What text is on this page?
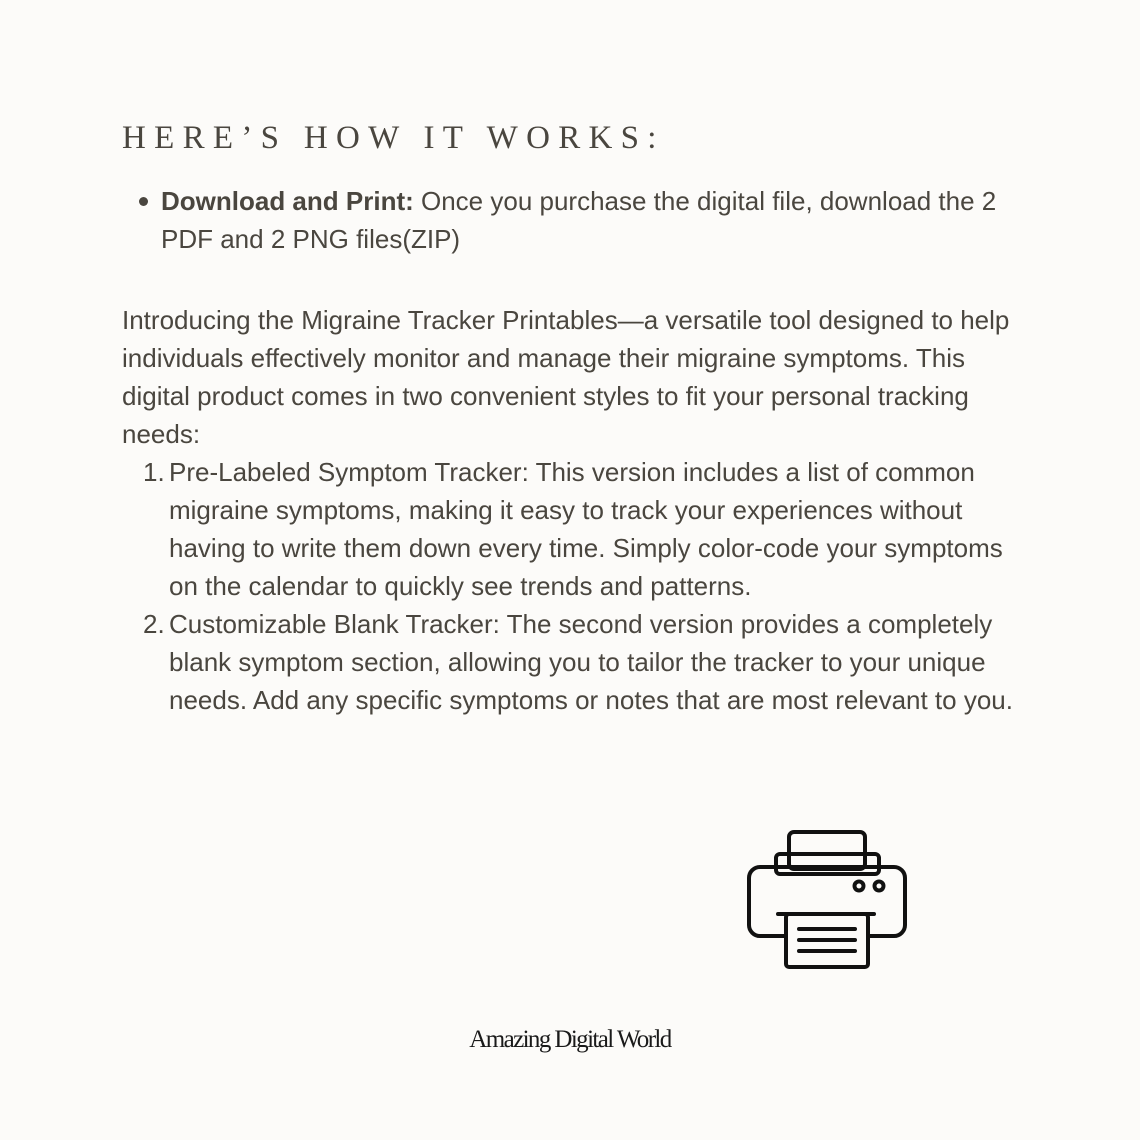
HERE’S HOW IT WORKS:
Download and Print: Once you purchase the digital file, download the 2 PDF and 2 PNG files(ZIP)

Introducing the Migraine Tracker Printables—a versatile tool designed to help individuals effectively monitor and manage their migraine symptoms. This digital product comes in two convenient styles to fit your personal tracking needs:

1. Pre-Labeled Symptom Tracker: This version includes a list of common migraine symptoms, making it easy to track your experiences without having to write them down every time. Simply color-code your symptoms on the calendar to quickly see trends and patterns.
2. Customizable Blank Tracker: The second version provides a completely blank symptom section, allowing you to tailor the tracker to your unique needs. Add any specific symptoms or notes that are most relevant to you.
Amazing Digital World
